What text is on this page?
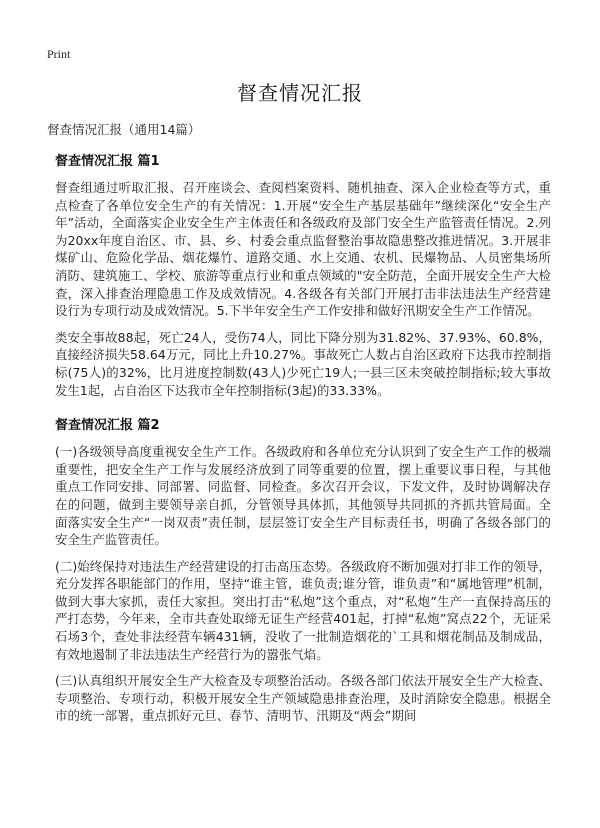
Print
督查情况汇报
督查情况汇报（通用14篇）
督查情况汇报 篇1

督查组通过听取汇报、召开座谈会、查阅档案资料、随机抽查、深入企业检查等方式，重点检查了各单位安全生产的有关情况：1.开展“安全生产基层基础年”继续深化“安全生产年”活动，全面落实企业安全生产主体责任和各级政府及部门安全生产监管责任情况。2.列为20xx年度自治区、市、县、乡、村委会重点监督整治事故隐患整改推进情况。3.开展非煤矿山、危险化学品、烟花爆竹、道路交通、水上交通、农机、民爆物品、人员密集场所消防、建筑施工、学校、旅游等重点行业和重点领域的"安全防范，全面开展安全生产大检查，深入排查治理隐患工作及成效情况。4.各级各有关部门开展打击非法违法生产经营建设行为专项行动及成效情况。5.下半年安全生产工作安排和做好汛期安全生产工作情况。

类安全事故88起，死亡24人，受伤74人，同比下降分别为31.82%、37.93%、60.8%，直接经济损失58.64万元，同比上升10.27%。事故死亡人数占自治区政府下达我市控制指标(75人)的32%，比月进度控制数(43人)少死亡19人;一县三区未突破控制指标;较大事故发生1起，占自治区下达我市全年控制指标(3起)的33.33%。

督查情况汇报 篇2

(一)各级领导高度重视安全生产工作。各级政府和各单位充分认识到了安全生产工作的极端重要性，把安全生产工作与发展经济放到了同等重要的位置，摆上重要议事日程，与其他重点工作同安排、同部署、同监督、同检查。多次召开会议，下发文件，及时协调解决存在的问题，做到主要领导亲自抓，分管领导具体抓，其他领导共同抓的齐抓共管局面。全面落实安全生产“一岗双责”责任制，层层签订安全生产目标责任书，明确了各级各部门的安全生产监管责任。

(二)始终保持对违法生产经营建设的打击高压态势。各级政府不断加强对打非工作的领导，充分发挥各职能部门的作用，坚持“谁主管，谁负责;谁分管，谁负责”和“属地管理”机制，做到大事大家抓，责任大家担。突出打击“私炮”这个重点，对“私炮”生产一直保持高压的严打态势，今年来，全市共查处取缔无证生产经营401起，打掉“私炮”窝点22个，无证采石场3个，查处非法经营车辆431辆，没收了一批制造烟花的`工具和烟花制品及制成品，有效地遏制了非法违法生产经营行为的嚣张气焰。

(三)认真组织开展安全生产大检查及专项整治活动。各级各部门依法开展安全生产大检查、专项整治、专项行动，积极开展安全生产领域隐患排查治理，及时消除安全隐患。根据全市的统一部署，重点抓好元旦、春节、清明节、汛期及“两会”期间
